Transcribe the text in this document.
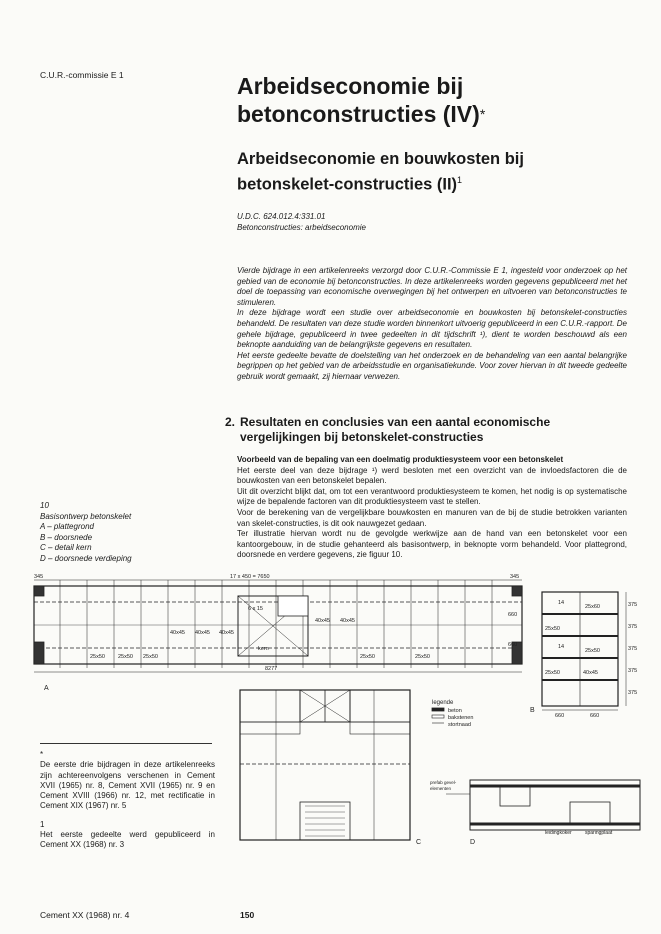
C.U.R.-commissie E 1	Arbeidseconomie bij
betonconstructies (IV)*
Arbeidseconomie en bouwkosten bij
betonskelet-constructies (II)$^1$
U.D.C. 624.012.4:331.01
Betonconstructies: arbeidseconomie

Vierde bijdrage in een artikelenreeks verzorgd door C.U.R.-Commissie E 1, ingesteld voor onderzoek op het gebied van de economie bij betonconstructies. In deze artikelenreeks worden gegevens gepubliceerd met het doel de toepassing van economische overwegingen bij het ontwerpen en uitvoeren van betonconstructies te stimuleren.

In deze bijdrage wordt een studie over arbeidseconomie en bouwkosten bij betonskelet-constructies behandeld. De resultaten van deze studie worden binnenkort uitvoerig gepubliceerd in een C.U.R.-rapport. De gehele bijdrage, gepubliceerd in twee gedeelten in dit tijdschrift ¹), dient te worden beschouwd als een beknopte aanduiding van de belangrijkste gegevens en resultaten.

Het eerste gedeelte bevatte de doelstelling van het onderzoek en de behandeling van een aantal belangrijke begrippen op het gebied van de arbeidsstudie en organisatiekunde. Voor zover hiervan in dit tweede gedeelte gebruik wordt gemaakt, zij hiernaar verwezen.

2. Resultaten en conclusies van een aantal economische vergelijkingen bij betonskelet-constructies

Voorbeeld van de bepaling van een doelmatig produktiesysteem voor een betonskelet

Het eerste deel van deze bijdrage ¹) werd besloten met een overzicht van de invloedsfactoren die de bouwkosten van een betonskelet bepalen.

Uit dit overzicht blijkt dat, om tot een verantwoord produktiesysteem te komen, het nodig is op systematische wijze de bepalende factoren van dit produktiesysteem vast te stellen.

Voor de berekening van de vergelijkbare bouwkosten en manuren van de bij de studie betrokken varianten van skelet-constructies, is dit ook nauwgezet gedaan.

Ter illustratie hiervan wordt nu de gevolgde werkwijze aan de hand van een betonskelet voor een kantoorgebouw, in de studie gehanteerd als basisontwerp, in beknopte vorm behandeld. Voor plattegrond, doorsnede en verdere gegevens, zie figuur 10.

10
Basisontwerp betonskelet
A – plattegrond
B – doorsnede
C – detail kern
D – doorsnede verdieping
17 x 450 = 7650
345	345
40x45 40x45 40x45
40x45 40x45
25x50 25x50 25x50	25x50	25x50
kern
6 x 15
8277
A
B
C	D
660	660
25x60
25x50
25x50
25x50	40x45
14
14
375
375
375
375
375
660
660
legende
beton
bakstenen
stortnaad
prefab gevel-
elementen
leidingkoker	sparingplaat

*

De eerste drie bijdragen in deze artikelenreeks zijn achtereenvolgens verschenen in Cement XVII (1965) nr. 8, Cement XVII (1965) nr. 9 en Cement XVIII (1966) nr. 12, met rectificatie in Cement XIX (1967) nr. 5

1

Het eerste gedeelte werd gepubliceerd in Cement XX (1968) nr. 3

Cement XX (1968) nr. 4	150
